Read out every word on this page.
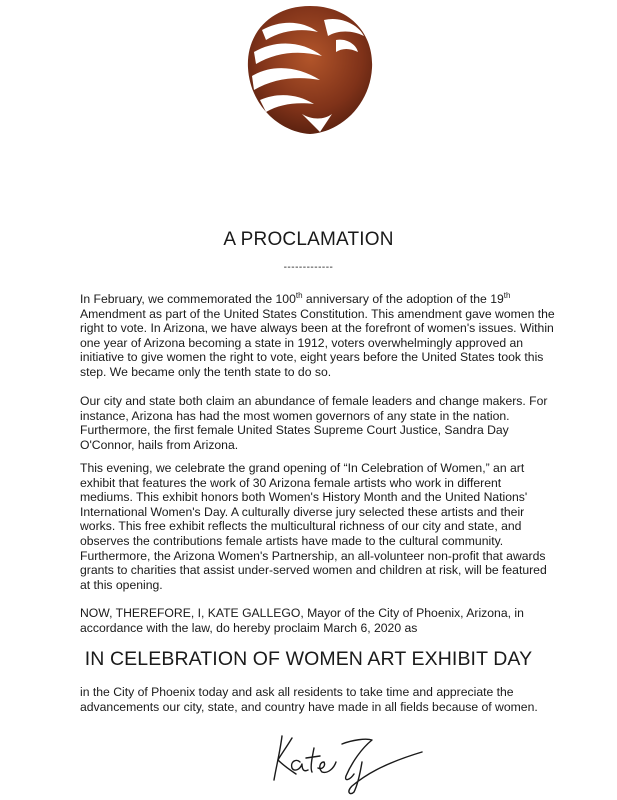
A PROCLAMATION
-------------

In February, we commemorated the 100th anniversary of the adoption of the 19th Amendment as part of the United States Constitution. This amendment gave women the right to vote. In Arizona, we have always been at the forefront of women's issues. Within one year of Arizona becoming a state in 1912, voters overwhelmingly approved an initiative to give women the right to vote, eight years before the United States took this step. We became only the tenth state to do so.

Our city and state both claim an abundance of female leaders and change makers. For instance, Arizona has had the most women governors of any state in the nation. Furthermore, the first female United States Supreme Court Justice, Sandra Day O'Connor, hails from Arizona.

This evening, we celebrate the grand opening of “In Celebration of Women,” an art exhibit that features the work of 30 Arizona female artists who work in different mediums. This exhibit honors both Women's History Month and the United Nations' International Women's Day. A culturally diverse jury selected these artists and their works. This free exhibit reflects the multicultural richness of our city and state, and observes the contributions female artists have made to the cultural community. Furthermore, the Arizona Women's Partnership, an all-volunteer non-profit that awards grants to charities that assist under-served women and children at risk, will be featured at this opening.

NOW, THEREFORE, I, KATE GALLEGO, Mayor of the City of Phoenix, Arizona, in accordance with the law, do hereby proclaim March 6, 2020 as

IN CELEBRATION OF WOMEN ART EXHIBIT DAY
in the City of Phoenix today and ask all residents to take time and appreciate the advancements our city, state, and country have made in all fields because of women.
